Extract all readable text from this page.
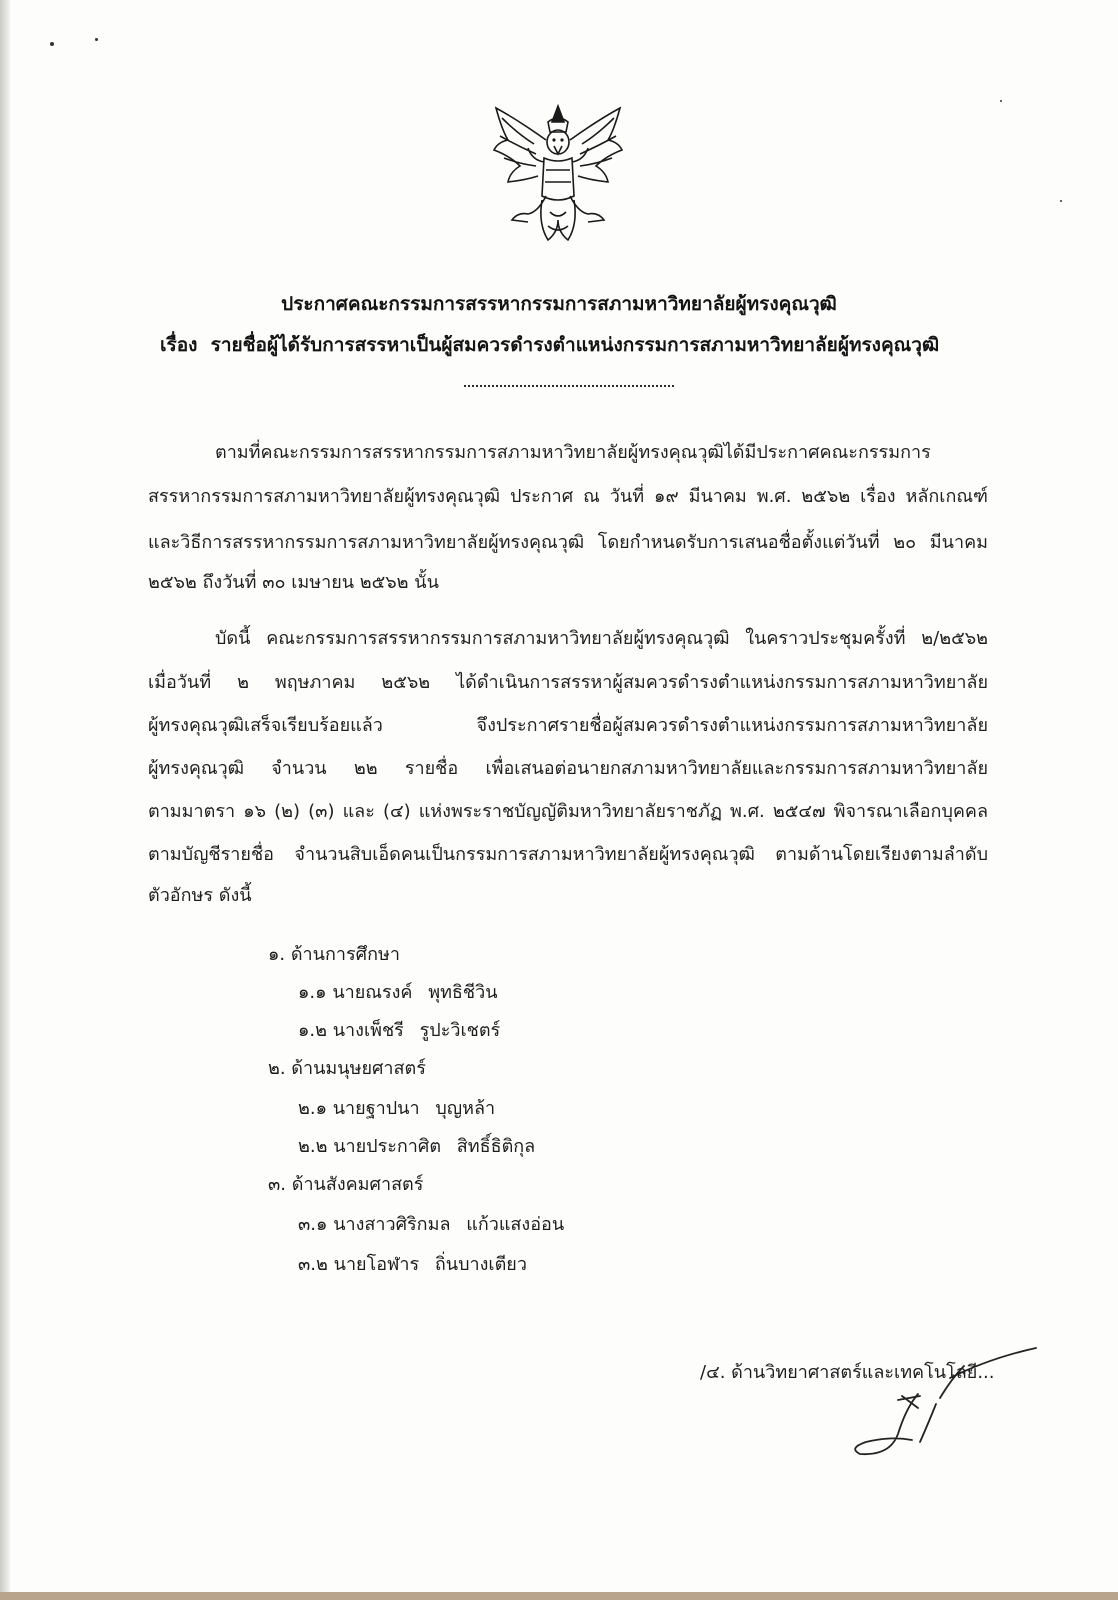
ประกาศคณะกรรมการสรรหากรรมการสภามหาวิทยาลัยผู้ทรงคุณวุฒิ
เรื่อง รายชื่อผู้ได้รับการสรรหาเป็นผู้สมควรดำรงตำแหน่งกรรมการสภามหาวิทยาลัยผู้ทรงคุณวุฒิ
ตามที่คณะกรรมการสรรหากรรมการสภามหาวิทยาลัยผู้ทรงคุณวุฒิได้มีประกาศคณะกรรมการ
สรรหากรรมการสภามหาวิทยาลัยผู้ทรงคุณวุฒิ ประกาศ ณ วันที่ ๑๙ มีนาคม พ.ศ. ๒๕๖๒ เรื่อง หลักเกณฑ์
และวิธีการสรรหากรรมการสภามหาวิทยาลัยผู้ทรงคุณวุฒิ โดยกำหนดรับการเสนอชื่อตั้งแต่วันที่ ๒๐ มีนาคม
๒๕๖๒ ถึงวันที่ ๓๐ เมษายน ๒๕๖๒ นั้น
บัดนี้ คณะกรรมการสรรหากรรมการสภามหาวิทยาลัยผู้ทรงคุณวุฒิ ในคราวประชุมครั้งที่ ๒/๒๕๖๒
เมื่อวันที่ ๒ พฤษภาคม ๒๕๖๒ ได้ดำเนินการสรรหาผู้สมควรดำรงตำแหน่งกรรมการสภามหาวิทยาลัย
ผู้ทรงคุณวุฒิเสร็จเรียบร้อยแล้ว จึงประกาศรายชื่อผู้สมควรดำรงตำแหน่งกรรมการสภามหาวิทยาลัย
ผู้ทรงคุณวุฒิ จำนวน ๒๒ รายชื่อ เพื่อเสนอต่อนายกสภามหาวิทยาลัยและกรรมการสภามหาวิทยาลัย
ตามมาตรา ๑๖ (๒) (๓) และ (๔) แห่งพระราชบัญญัติมหาวิทยาลัยราชภัฏ พ.ศ. ๒๕๔๗ พิจารณาเลือกบุคคล
ตามบัญชีรายชื่อ จำนวนสิบเอ็ดคนเป็นกรรมการสภามหาวิทยาลัยผู้ทรงคุณวุฒิ ตามด้านโดยเรียงตามลำดับ
ตัวอักษร ดังนี้
๑. ด้านการศึกษา
๑.๑ นายณรงค์ พุทธิชีวิน
๑.๒ นางเพ็ชรี รูปะวิเชตร์
๒. ด้านมนุษยศาสตร์
๒.๑ นายฐาปนา บุญหล้า
๒.๒ นายประกาศิต สิทธิ์ธิติกุล
๓. ด้านสังคมศาสตร์
๓.๑ นางสาวศิริกมล แก้วแสงอ่อน
๓.๒ นายโอฬาร ถิ่นบางเตียว
/๔. ด้านวิทยาศาสตร์และเทคโนโลยี...
